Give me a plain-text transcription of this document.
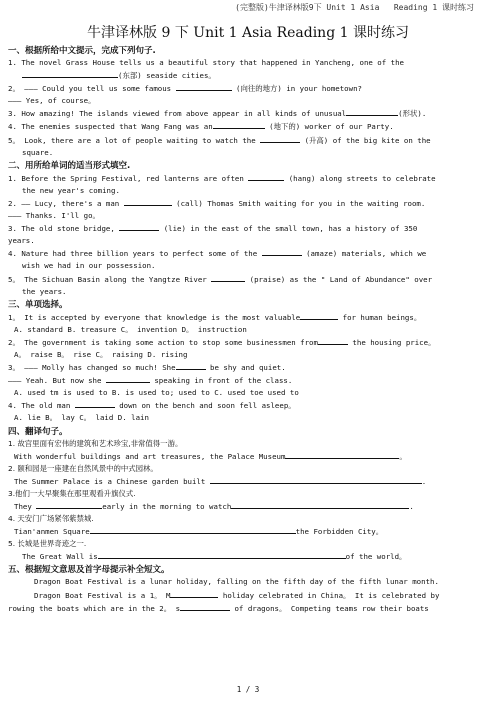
(完整版)牛津译林版9下 Unit 1 Asia   Reading 1 课时练习
牛津译林版 9 下 Unit 1 Asia Reading 1 课时练习
一、根据所给中文提示，完成下列句子.
1. The novel Grass House tells us a beautiful story that happened in Yancheng, one of the
(东部) seaside cities。
2。 ——— Could you tell us some famous	(向往的地方) in your hometown?
——— Yes, of course。
3. How amazing! The islands viewed from above appear in all kinds of unusual	(形状).
4. The enemies suspected that Wang Fang was an	(地下的) worker of our Party.
5。 Look, there are a lot of people waiting to watch the	(升高) of the big kite on the
square.
二、用所给单词的适当形式填空.
1. Before the Spring Festival, red lanterns are often	(hang) along streets to celebrate
the new year's coming.
2. —— Lucy, there's a man	(call) Thomas Smith waiting for you in the waiting room.
——— Thanks. I'll go。
3. The old stone bridge,	(lie) in the east of the small town, has a history of 350
years.
4. Nature had three billion years to perfect some of the	(amaze) materials, which we
wish we had in our possession.
5。 The Sichuan Basin along the Yangtze River	(praise) as the " Land of Abundance" over
the years.
三、单项选择。
1。 It is accepted by everyone that knowledge is the most valuable	for human beings。
A. standard B. treasure C。 invention D。 instruction
2。 The government is taking some action to stop some businessmen from	the housing price。
A。 raise B。 rise C。 raising D. rising
3。 ——— Molly has changed so much! She	be shy and quiet.
——— Yeah. But now she	speaking in front of the class.
A. used tm is used to B. is used to; used to C. used toe used to
4. The old man	down on the bench and soon fell asleep。
A. lie B。 lay C。 laid D. lain
四、翻译句子。
1. 故宫里面有宏伟的建筑和艺术珍宝,非常值得一游。
With wonderful buildings and art treasures, the Palace Museum	。
2. 颐和园是一座建在自然风景中的中式园林。
The Summer Palace is a Chinese garden built	.
3.他们一大早聚集在那里观看升旗仪式.
They	early in the morning to watch	.
4. 天安门广场紧邻紫禁城.
Tian'anmen Square	the Forbidden City。
5. 长城是世界奇迹之一.
The Great Wall is	of the world。
五、根据短文意思及首字母提示补全短文。
Dragon Boat Festival is a lunar holiday, falling on the fifth day of the fifth lunar month.
Dragon Boat Festival is a 1。 M	holiday celebrated in China。 It is celebrated by
rowing the boats which are in the 2。 s	of dragons。 Competing teams row their boats
1 / 3
